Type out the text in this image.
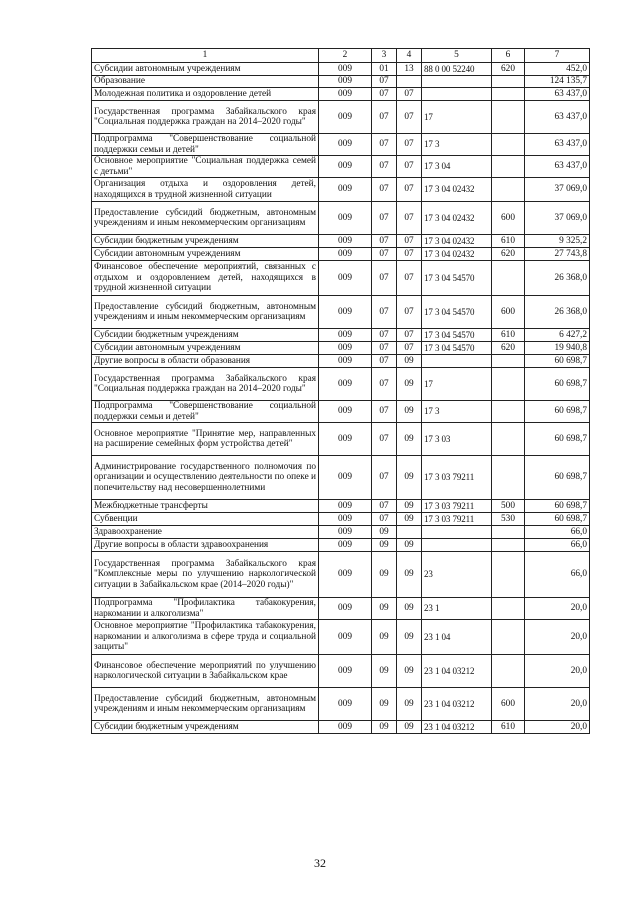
1	2	3	4	5	6	7
Субсидии автономным учреждениям	009	01	13	88 0 00 52240	620	452,0
Образование	009	07				124 135,7
Молодежная политика и оздоровление детей	009	07	07			63 437,0
Государственная программа Забайкальского края "Социальная поддержка граждан на 2014–2020 годы"	009	07	07	17		63 437,0
Подпрограмма "Совершенствование социальной поддержки семьи и детей"	009	07	07	17 3		63 437,0
Основное мероприятие "Социальная поддержка семей с детьми"	009	07	07	17 3 04		63 437,0
Организация отдыха и оздоровления детей, находящихся в трудной жизненной ситуации	009	07	07	17 3 04 02432		37 069,0
Предоставление субсидий бюджетным, автономным учреждениям и иным некоммерческим организациям	009	07	07	17 3 04 02432	600	37 069,0
Субсидии бюджетным учреждениям	009	07	07	17 3 04 02432	610	9 325,2
Субсидии автономным учреждениям	009	07	07	17 3 04 02432	620	27 743,8
Финансовое обеспечение мероприятий, связанных с отдыхом и оздоровлением детей, находящихся в трудной жизненной ситуации	009	07	07	17 3 04 54570		26 368,0
Предоставление субсидий бюджетным, автономным учреждениям и иным некоммерческим организациям	009	07	07	17 3 04 54570	600	26 368,0
Субсидии бюджетным учреждениям	009	07	07	17 3 04 54570	610	6 427,2
Субсидии автономным учреждениям	009	07	07	17 3 04 54570	620	19 940,8
Другие вопросы в области образования	009	07	09			60 698,7
Государственная программа Забайкальского края "Социальная поддержка граждан на 2014–2020 годы"	009	07	09	17		60 698,7
Подпрограмма "Совершенствование социальной поддержки семьи и детей"	009	07	09	17 3		60 698,7
Основное мероприятие "Принятие мер, направленных на расширение семейных форм устройства детей"	009	07	09	17 3 03		60 698,7
Администрирование государственного полномочия по организации и осуществлению деятельности по опеке и попечительству над несовершеннолетними	009	07	09	17 3 03 79211		60 698,7
Межбюджетные трансферты	009	07	09	17 3 03 79211	500	60 698,7
Субвенции	009	07	09	17 3 03 79211	530	60 698,7
Здравоохранение	009	09				66,0
Другие вопросы в области здравоохранения	009	09	09			66,0
Государственная программа Забайкальского края "Комплексные меры по улучшению наркологической ситуации в Забайкальском крае (2014–2020 годы)"	009	09	09	23		66,0
Подпрограмма "Профилактика табакокурения, наркомании и алкоголизма"	009	09	09	23 1		20,0
Основное мероприятие "Профилактика табакокурения, наркомании и алкоголизма в сфере труда и социальной защиты"	009	09	09	23 1 04		20,0
Финансовое обеспечение мероприятий по улучшению наркологической ситуации в Забайкальском крае	009	09	09	23 1 04 03212		20,0
Предоставление субсидий бюджетным, автономным учреждениям и иным некоммерческим организациям	009	09	09	23 1 04 03212	600	20,0
Субсидии бюджетным учреждениям	009	09	09	23 1 04 03212	610	20,0
32
